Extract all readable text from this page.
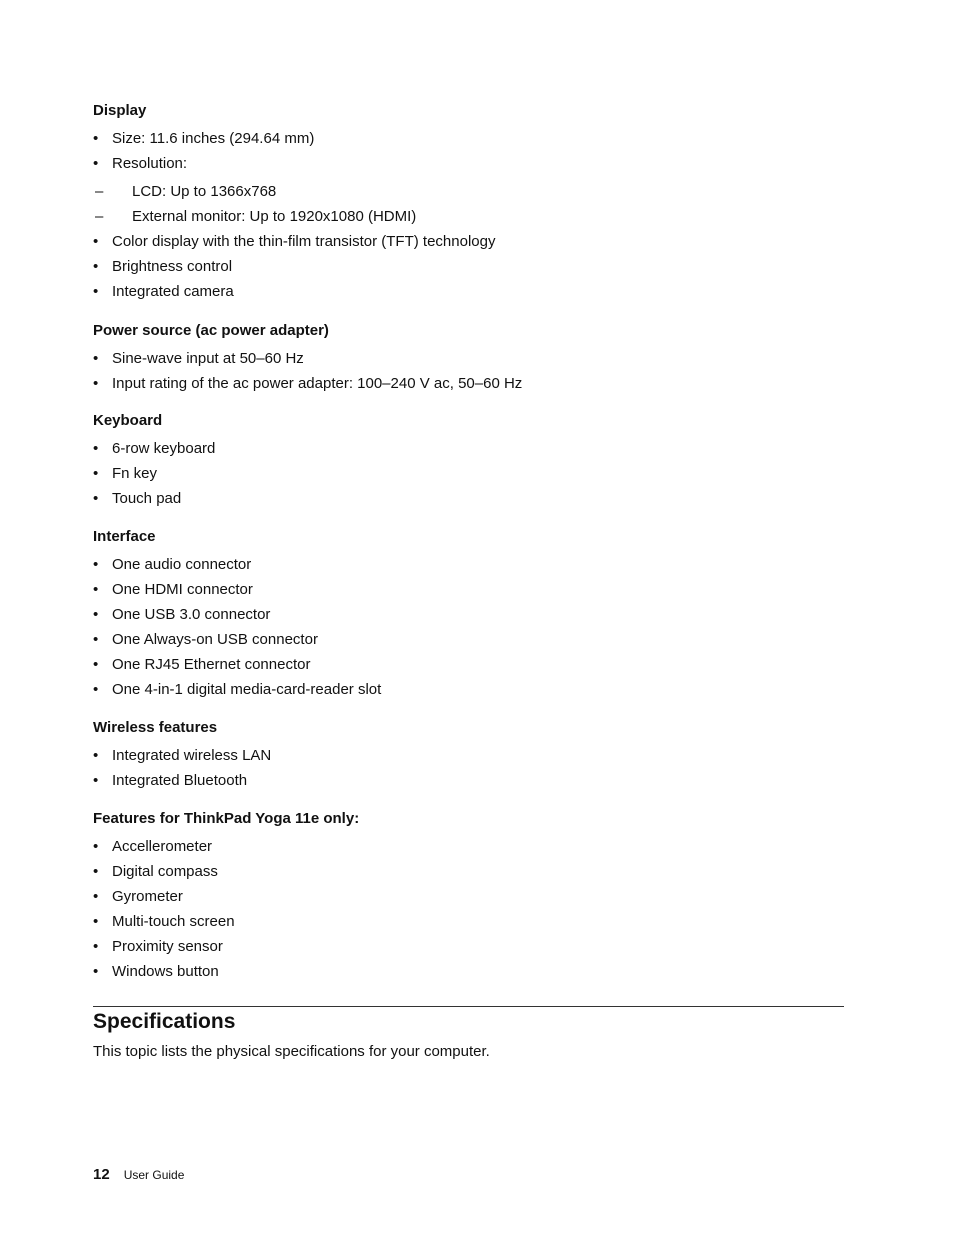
Display
• Size: 11.6 inches (294.64 mm)
• Resolution:
– LCD: Up to 1366x768
– External monitor: Up to 1920x1080 (HDMI)
• Color display with the thin-film transistor (TFT) technology
• Brightness control
• Integrated camera
Power source (ac power adapter)
• Sine-wave input at 50–60 Hz
• Input rating of the ac power adapter: 100–240 V ac, 50–60 Hz
Keyboard
• 6-row keyboard
• Fn key
• Touch pad
Interface
• One audio connector
• One HDMI connector
• One USB 3.0 connector
• One Always-on USB connector
• One RJ45 Ethernet connector
• One 4-in-1 digital media-card-reader slot
Wireless features
• Integrated wireless LAN
• Integrated Bluetooth
Features for ThinkPad Yoga 11e only:
• Accellerometer
• Digital compass
• Gyrometer
• Multi-touch screen
• Proximity sensor
• Windows button
Specifications

This topic lists the physical specifications for your computer.

12 User Guide
